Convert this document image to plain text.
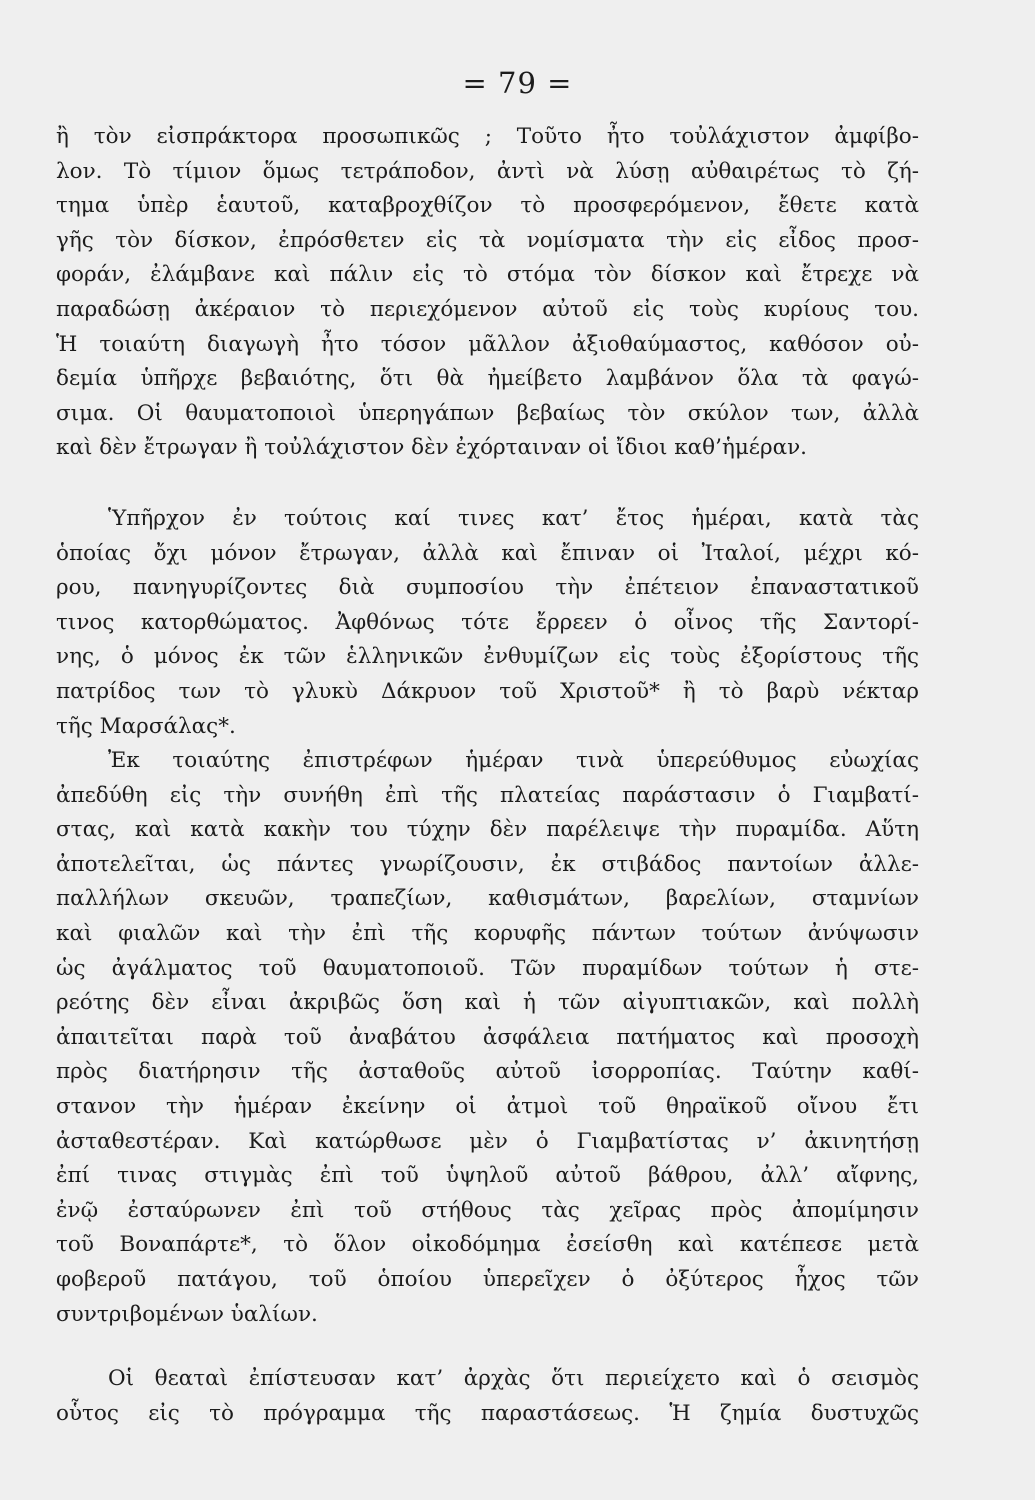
= 79 =
ἢ τὸν εἰσπράκτορα προσωπικῶς ; Τοῦτο ἦτο τοὐλάχιστον ἀμφίβο-
λον. Τὸ τίμιον ὅμως τετράποδον, ἀντὶ νὰ λύσῃ αὐθαιρέτως τὸ ζή-
τημα ὑπὲρ ἑαυτοῦ, καταβροχθίζον τὸ προσφερόμενον, ἔθετε κατὰ
γῆς τὸν δίσκον, ἐπρόσθετεν εἰς τὰ νομίσματα τὴν εἰς εἶδος προσ-
φοράν, ἐλάμβανε καὶ πάλιν εἰς τὸ στόμα τὸν δίσκον καὶ ἔτρεχε νὰ
παραδώσῃ ἀκέραιον τὸ περιεχόμενον αὐτοῦ εἰς τοὺς κυρίους του.
Ἡ τοιαύτη διαγωγὴ ἦτο τόσον μᾶλλον ἀξιοθαύμαστος, καθόσον οὐ-
δεμία ὑπῆρχε βεβαιότης, ὅτι θὰ ἠμείβετο λαμβάνον ὅλα τὰ φαγώ-
σιμα. Οἱ θαυματοποιοὶ ὑπερηγάπων βεβαίως τὸν σκύλον των, ἀλλὰ
καὶ δὲν ἔτρωγαν ἢ τοὐλάχιστον δὲν ἐχόρταιναν οἱ ἴδιοι καθ’ἡμέραν.
Ὑπῆρχον ἐν τούτοις καί τινες κατ’ ἔτος ἡμέραι, κατὰ τὰς
ὁποίας ὄχι μόνον ἔτρωγαν, ἀλλὰ καὶ ἔπιναν οἱ Ἰταλοί, μέχρι κό-
ρου, πανηγυρίζοντες διὰ συμποσίου τὴν ἐπέτειον ἐπαναστατικοῦ
τινος κατορθώματος. Ἀφθόνως τότε ἔρρεεν ὁ οἶνος τῆς Σαντορί-
νης, ὁ μόνος ἐκ τῶν ἑλληνικῶν ἐνθυμίζων εἰς τοὺς ἐξορίστους τῆς
πατρίδος των τὸ γλυκὺ Δάκρυον τοῦ Χριστοῦ* ἢ τὸ βαρὺ νέκταρ
τῆς Μαρσάλας*.
Ἐκ τοιαύτης ἐπιστρέφων ἡμέραν τινὰ ὑπερεύθυμος εὐωχίας
ἀπεδύθη εἰς τὴν συνήθη ἐπὶ τῆς πλατείας παράστασιν ὁ Γιαμβατί-
στας, καὶ κατὰ κακὴν του τύχην δὲν παρέλειψε τὴν πυραμίδα. Αὕτη
ἀποτελεῖται, ὡς πάντες γνωρίζουσιν, ἐκ στιβάδος παντοίων ἀλλε-
παλλήλων σκευῶν, τραπεζίων, καθισμάτων, βαρελίων, σταμνίων
καὶ φιαλῶν καὶ τὴν ἐπὶ τῆς κορυφῆς πάντων τούτων ἀνύψωσιν
ὡς ἀγάλματος τοῦ θαυματοποιοῦ. Τῶν πυραμίδων τούτων ἡ στε-
ρεότης δὲν εἶναι ἀκριβῶς ὅση καὶ ἡ τῶν αἰγυπτιακῶν, καὶ πολλὴ
ἀπαιτεῖται παρὰ τοῦ ἀναβάτου ἀσφάλεια πατήματος καὶ προσοχὴ
πρὸς διατήρησιν τῆς ἀσταθοῦς αὐτοῦ ἰσορροπίας. Ταύτην καθί-
στανον τὴν ἡμέραν ἐκείνην οἱ ἀτμοὶ τοῦ θηραϊκοῦ οἴνου ἔτι
ἀσταθεστέραν. Καὶ κατώρθωσε μὲν ὁ Γιαμβατίστας ν’ ἀκινητήσῃ
ἐπί τινας στιγμὰς ἐπὶ τοῦ ὑψηλοῦ αὐτοῦ βάθρου, ἀλλ’ αἴφνης,
ἐνῷ ἐσταύρωνεν ἐπὶ τοῦ στήθους τὰς χεῖρας πρὸς ἀπομίμησιν
τοῦ Βοναπάρτε*, τὸ ὅλον οἰκοδόμημα ἐσείσθη καὶ κατέπεσε μετὰ
φοβεροῦ πατάγου, τοῦ ὁποίου ὑπερεῖχεν ὁ ὀξύτερος ἦχος τῶν
συντριβομένων ὑαλίων.
Οἱ θεαταὶ ἐπίστευσαν κατ’ ἀρχὰς ὅτι περιείχετο καὶ ὁ σεισμὸς
οὗτος εἰς τὸ πρόγραμμα τῆς παραστάσεως. Ἡ ζημία δυστυχῶς
